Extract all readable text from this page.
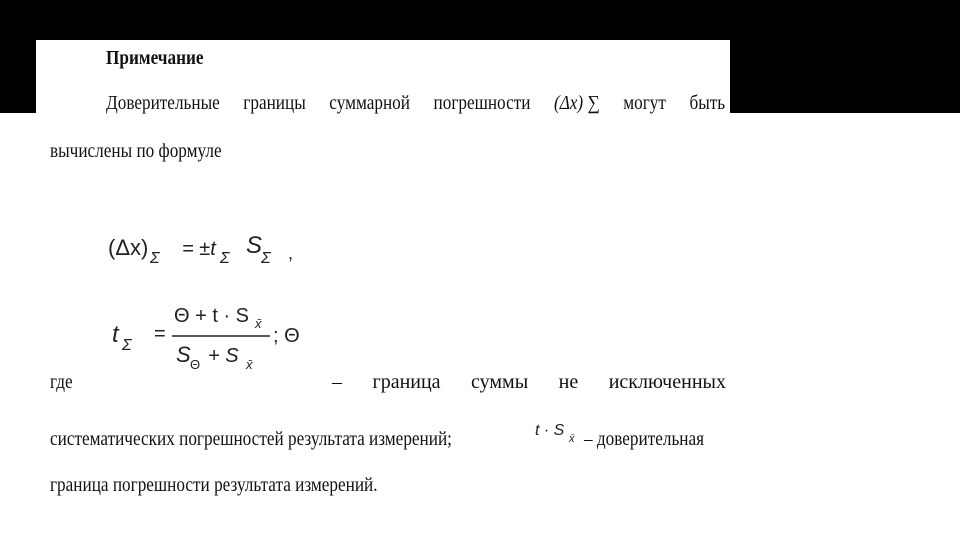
Примечание
Доверительные границы суммарной погрешности (Δx) ∑ могут быть
вычислены по формуле
(Δx) Σ = ±t Σ S
Σ ,
t Σ
=
Θ + t · S x̄
S Θ + S x̄
; Θ
где	– граница суммы не исключенных
систематических погрешностей результата измерений;	t · S x̄ – доверительная
граница погрешности результата измерений.
